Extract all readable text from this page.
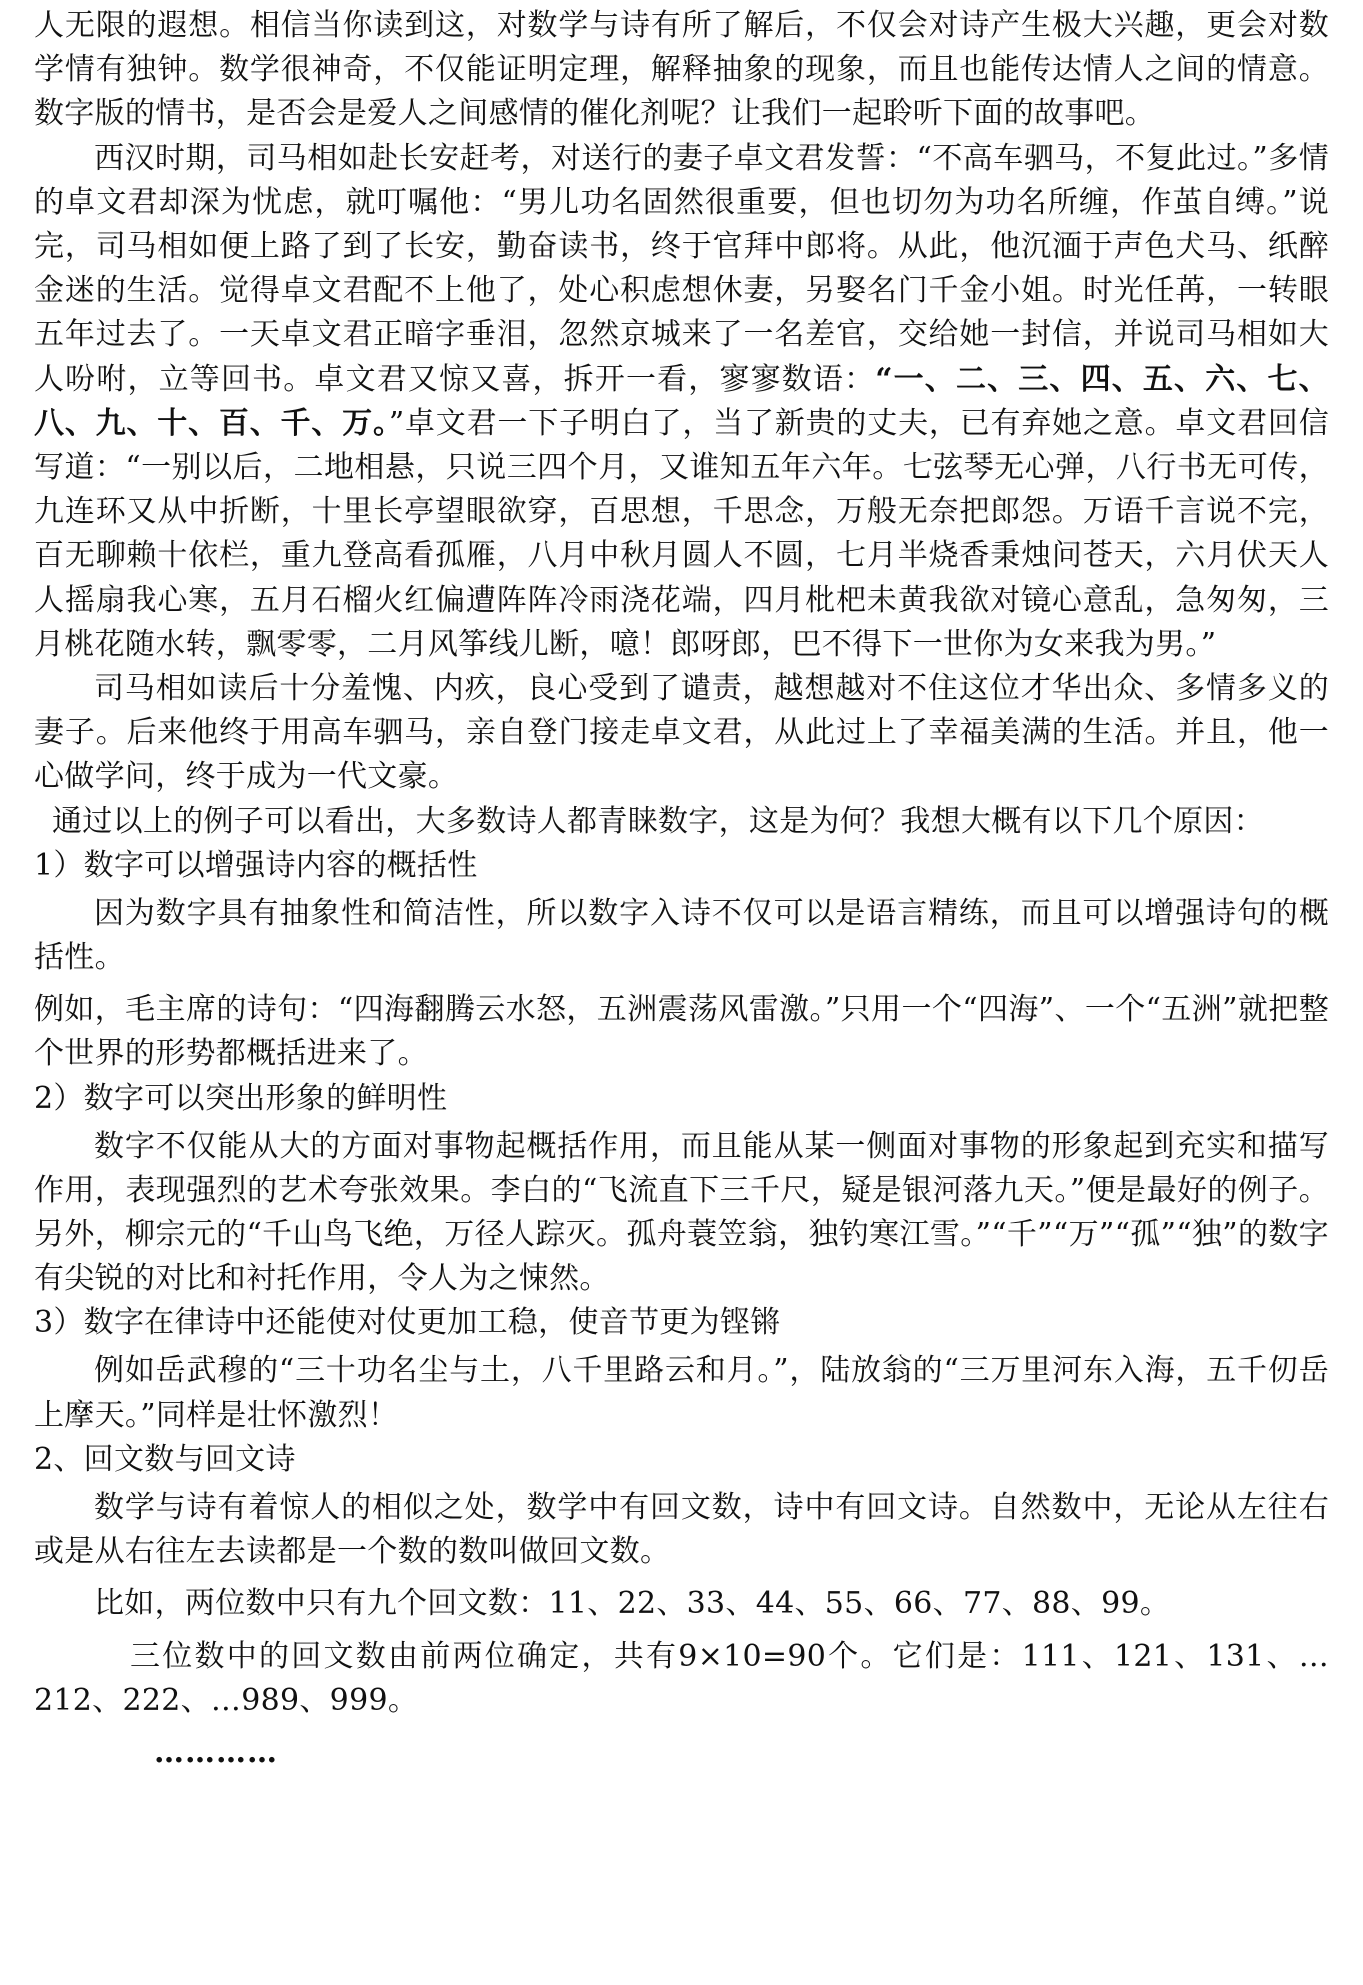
人无限的遐想。相信当你读到这，对数学与诗有所了解后，不仅会对诗产生极大兴趣，更会对数学情有独钟。数学很神奇，不仅能证明定理，解释抽象的现象，而且也能传达情人之间的情意。数字版的情书，是否会是爱人之间感情的催化剂呢？让我们一起聆听下面的故事吧。

西汉时期，司马相如赴长安赶考，对送行的妻子卓文君发誓：“不高车驷马，不复此过。”多情的卓文君却深为忧虑，就叮嘱他：“男儿功名固然很重要，但也切勿为功名所缠，作茧自缚。”说完，司马相如便上路了到了长安，勤奋读书，终于官拜中郎将。从此，他沉湎于声色犬马、纸醉金迷的生活。觉得卓文君配不上他了，处心积虑想休妻，另娶名门千金小姐。时光任苒，一转眼五年过去了。一天卓文君正暗字垂泪，忽然京城来了一名差官，交给她一封信，并说司马相如大人吩咐，立等回书。卓文君又惊又喜，拆开一看，寥寥数语：“一、二、三、四、五、六、七、八、九、十、百、千、万。”卓文君一下子明白了，当了新贵的丈夫，已有弃她之意。卓文君回信写道：“一别以后，二地相悬，只说三四个月，又谁知五年六年。七弦琴无心弹，八行书无可传，九连环又从中折断，十里长亭望眼欲穿，百思想，千思念，万般无奈把郎怨。万语千言说不完，百无聊赖十依栏，重九登高看孤雁，八月中秋月圆人不圆，七月半烧香秉烛问苍天，六月伏天人人摇扇我心寒，五月石榴火红偏遭阵阵冷雨浇花端，四月枇杷未黄我欲对镜心意乱，急匆匆，三月桃花随水转，飘零零，二月风筝线儿断，噫！郎呀郎，巴不得下一世你为女来我为男。”

司马相如读后十分羞愧、内疚，良心受到了谴责，越想越对不住这位才华出众、多情多义的妻子。后来他终于用高车驷马，亲自登门接走卓文君，从此过上了幸福美满的生活。并且，他一心做学问，终于成为一代文豪。

通过以上的例子可以看出，大多数诗人都青睐数字，这是为何？我想大概有以下几个原因：

1）数字可以增强诗内容的概括性

因为数字具有抽象性和简洁性，所以数字入诗不仅可以是语言精练，而且可以增强诗句的概括性。

例如，毛主席的诗句：“四海翻腾云水怒，五洲震荡风雷激。”只用一个“四海”、一个“五洲”就把整个世界的形势都概括进来了。

2）数字可以突出形象的鲜明性

数字不仅能从大的方面对事物起概括作用，而且能从某一侧面对事物的形象起到充实和描写作用，表现强烈的艺术夸张效果。李白的“飞流直下三千尺，疑是银河落九天。”便是最好的例子。另外，柳宗元的“千山鸟飞绝，万径人踪灭。孤舟蓑笠翁，独钓寒江雪。”“千”“万”“孤”“独”的数字有尖锐的对比和衬托作用，令人为之悚然。

3）数字在律诗中还能使对仗更加工稳，使音节更为铿锵

例如岳武穆的“三十功名尘与土，八千里路云和月。”，陆放翁的“三万里河东入海，五千仞岳上摩天。”同样是壮怀激烈！

2、回文数与回文诗

数学与诗有着惊人的相似之处，数学中有回文数，诗中有回文诗。自然数中，无论从左往右或是从右往左去读都是一个数的数叫做回文数。

比如，两位数中只有九个回文数：11、22、33、44、55、66、77、88、99。

三位数中的回文数由前两位确定，共有9×10=90个。它们是：111、121、131、…212、222、…989、999。

…………
